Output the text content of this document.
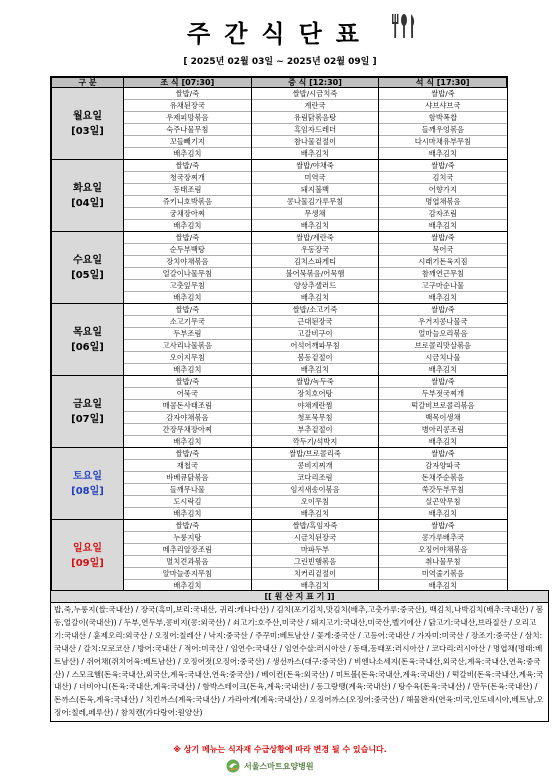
주간식단표
[ 2025년 02월 03일 ~ 2025년 02월 09일 ]
구 분	조 식 [07:30]	중 식 [12:30]	석 식 [17:30]

월요일
[03일]	쌀밥/죽	쌀밥/시금치죽	쌀밥/죽
	유채된장국	계란국	샤브샤브국
	우제피망볶음	유림닭볶음탕	함박폭찹
	숙주나물무침	흑임자드레더	들깨우엉볶음
	꼬들빼기지	참나물겉절이	다시마채유부무침
	배추김치	배추김치	배추김치

화요일
[04일]	쌀밥/죽	쌀밥/야채죽	쌀밥/죽
	청국장찌개	미역국	김치국
	동태조림	돼지불백	어향가지
	쥬키니호박볶음	콩나물김가루무침	명엽채볶음
	궁채장아찌	무생채	감자조림
	배추김치	배추김치	배추김치

수요일
[05일]	쌀밥/죽	쌀밥/계란죽	쌀밥/죽
	순두부백탕	우동장국	묵어국
	장치야채볶음	김치스파게티	시래기돈육지짐
	얼갈이나물무침	불어묵볶음/어묵햄	참깨연근무침
	고춧잎무침	양상추샐러드	고구마순나물
	배추김치	배추김치	배추김치

목요일
[06일]	쌀밥/죽	쌀밥/소고기죽	쌀밥/죽
	소고기무국	근대된장국	우거지콩나물국
	두부조림	고갈비구이	얼마늘오리볶음
	고사리나물볶음	어석어깨파무침	브로콜리맛살볶음
	오이지무침	봄동겉절이	시금치나물
	배추김치	배추김치	배추김치

금요일
[07일]	쌀밥/죽	쌀밥/녹두죽	쌀밥/죽
	어묵국	장치호어탕	두부젓국찌개
	매콤돈사태조림	야채계란찜	떡갈비브로콜리볶음
	감자야채볶음	청포묵무침	백목이생채
	간장무채장아찌	부추겉절이	병아리콩조림
	배추김치	깍두기/석박지	배추김치

토요일
[08일]	쌀밥/죽	쌀밥/브로콜리죽	쌀밥/죽
	재첩국	콩비지찌개	감자양파국
	바베큐닭볶음	코다리조림	돈채주순볶음
	들깨무나물	임지새송이볶음	쑥갓두부무침
	도시락김	오이무침	실곤약무침
	배추김치	배추김치	배추김치

일요일
[09일]	쌀밥/죽	쌀밥/흑임자죽	쌀밥/죽
	누룽지탕	시금치된장국	콩가루배추국
	메추리알장조림	마파두부	오징어야채볶음
	멸치견과볶음	그린빈햄볶음	취나물무침
	알마늘종지무침	치커리겉절이	미역줄기볶음
	배추김치	배추김치	배추김치
[[ 원 산 지 표 기 ]]
밥,죽,누룽지(쌀:국내산) / 장국(흑미,보리:국내산, 귀리:캐나다산) / 김치(포기김치,맛김치(배추,고춧가루:중국산), 백김치,나박김치(배추:국내산) / 봄동,얼갈이(국내산)) / 두부,연두부,콩비지(콩:외국산) / 쇠고기:호주산,미국산 / 돼지고기:국내산,미국산,벨기에산 / 닭고기:국내산,브라질산 / 오리고기:국내산 / 훈제오리:외국산 / 오징어:칠레산 / 낙지:중국산 / 주꾸미:베트남산 / 꽃게:중국산 / 고등어:국내산 / 가자미:미국산 / 장조기:중국산 / 삼치:국내산 / 갈치:모로코산 / 방어:국내산 / 적어:미국산 / 임연수:국내산 / 임연수살:러시아산 / 동태,동태포:러시아산 / 코다리:러시아산 / 명엽채(명태:베트남산) / 쥐어채(쥐치어육:베트남산) / 오징어젓(오징어:중국산) / 생선까스(대구:중국산) / 비엔나소세지(돈육:국내산,외국산,계육:국내산,연육:중국산) / 스모크햄(돈육:국내산,외국산,계육:국내산,연육:중국산) / 베이컨(돈육:외국산) / 미트볼(돈육:국내산,계육:국내산) / 떡갈비(돈육:국내산,계육:국내산) / 너비아니(돈육:국내산,계육:국내산) / 함박스테이크(돈육,계육:국내산) / 동그랑땡(계육:국내산) / 탕수육(돈육:국내산) / 만두(돈육:국내산) / 돈까스(돈육,계육:국내산) / 치킨까스(계육:국내산) / 가라아게(계육:국내산) / 오징어까스(오징어:중국산) / 해물완자(연육:미국,인도네시아,베트남,오징어:칠레,페루산) / 참치캔(가다랑어:원양산)
※ 상기 메뉴는 식자재 수급상황에 따라 변경 될 수 있습니다.
서울스마트요양병원
